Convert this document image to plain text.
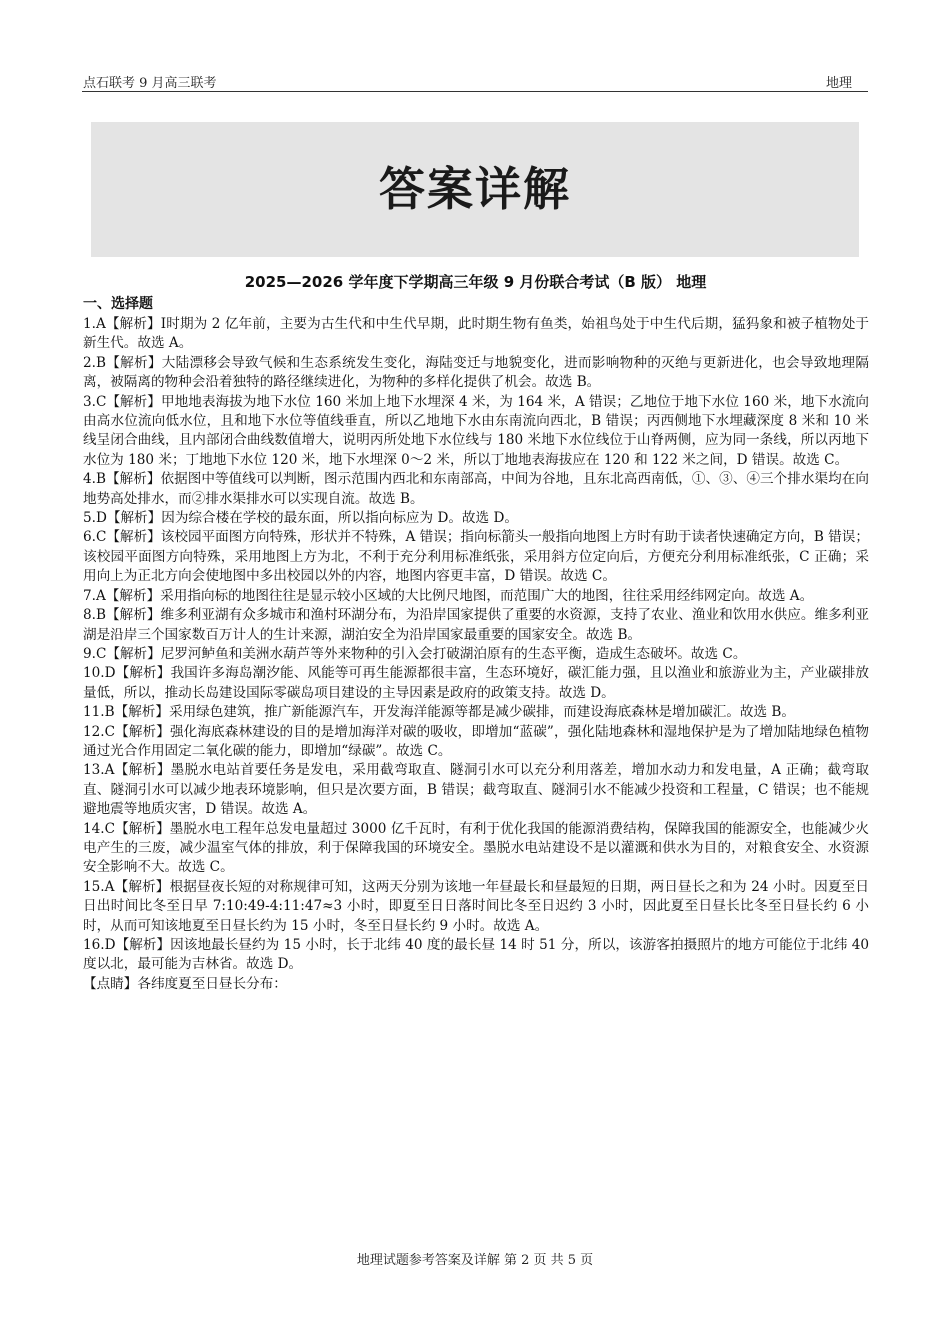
点石联考 9 月高三联考	地理
答案详解
2025—2026 学年度下学期高三年级 9 月份联合考试（B 版） 地理
一、选择题

1.A【解析】Ⅰ时期为 2 亿年前，主要为古生代和中生代早期，此时期生物有鱼类，始祖鸟处于中生代后期，猛犸象和被子植物处于新生代。故选 A。

2.B【解析】大陆漂移会导致气候和生态系统发生变化，海陆变迁与地貌变化，进而影响物种的灭绝与更新进化，也会导致地理隔离，被隔离的物种会沿着独特的路径继续进化，为物种的多样化提供了机会。故选 B。

3.C【解析】甲地地表海拔为地下水位 160 米加上地下水埋深 4 米，为 164 米，A 错误；乙地位于地下水位 160 米，地下水流向由高水位流向低水位，且和地下水位等值线垂直，所以乙地地下水由东南流向西北，B 错误；丙西侧地下水埋藏深度 8 米和 10 米线呈闭合曲线，且内部闭合曲线数值增大，说明丙所处地下水位线与 180 米地下水位线位于山脊两侧，应为同一条线，所以丙地下水位为 180 米；丁地地下水位 120 米，地下水埋深 0～2 米，所以丁地地表海拔应在 120 和 122 米之间，D 错误。故选 C。

4.B【解析】依据图中等值线可以判断，图示范围内西北和东南部高，中间为谷地，且东北高西南低，①、③、④三个排水渠均在向地势高处排水，而②排水渠排水可以实现自流。故选 B。

5.D【解析】因为综合楼在学校的最东面，所以指向标应为 D。故选 D。

6.C【解析】该校园平面图方向特殊，形状并不特殊，A 错误；指向标箭头一般指向地图上方时有助于读者快速确定方向，B 错误；该校园平面图方向特殊，采用地图上方为北，不利于充分利用标准纸张，采用斜方位定向后，方便充分利用标准纸张，C 正确；采用向上为正北方向会使地图中多出校园以外的内容，地图内容更丰富，D 错误。故选 C。

7.A【解析】采用指向标的地图往往是显示较小区域的大比例尺地图，而范围广大的地图，往往采用经纬网定向。故选 A。

8.B【解析】维多利亚湖有众多城市和渔村环湖分布，为沿岸国家提供了重要的水资源，支持了农业、渔业和饮用水供应。维多利亚湖是沿岸三个国家数百万计人的生计来源，湖泊安全为沿岸国家最重要的国家安全。故选 B。

9.C【解析】尼罗河鲈鱼和美洲水葫芦等外来物种的引入会打破湖泊原有的生态平衡，造成生态破坏。故选 C。

10.D【解析】我国许多海岛潮汐能、风能等可再生能源都很丰富，生态环境好，碳汇能力强，且以渔业和旅游业为主，产业碳排放量低，所以，推动长岛建设国际零碳岛项目建设的主导因素是政府的政策支持。故选 D。

11.B【解析】采用绿色建筑，推广新能源汽车，开发海洋能源等都是减少碳排，而建设海底森林是增加碳汇。故选 B。

12.C【解析】强化海底森林建设的目的是增加海洋对碳的吸收，即增加“蓝碳”，强化陆地森林和湿地保护是为了增加陆地绿色植物通过光合作用固定二氧化碳的能力，即增加“绿碳”。故选 C。

13.A【解析】墨脱水电站首要任务是发电，采用截弯取直、隧洞引水可以充分利用落差，增加水动力和发电量，A 正确；截弯取直、隧洞引水可以减少地表环境影响，但只是次要方面，B 错误；截弯取直、隧洞引水不能减少投资和工程量，C 错误；也不能规避地震等地质灾害，D 错误。故选 A。

14.C【解析】墨脱水电工程年总发电量超过 3000 亿千瓦时，有利于优化我国的能源消费结构，保障我国的能源安全，也能减少火电产生的三废，减少温室气体的排放，利于保障我国的环境安全。墨脱水电站建设不是以灌溉和供水为目的，对粮食安全、水资源安全影响不大。故选 C。

15.A【解析】根据昼夜长短的对称规律可知，这两天分别为该地一年昼最长和昼最短的日期，两日昼长之和为 24 小时。因夏至日日出时间比冬至日早 7:10:49-4:11:47≈3 小时，即夏至日日落时间比冬至日迟约 3 小时，因此夏至日昼长比冬至日昼长约 6 小时，从而可知该地夏至日昼长约为 15 小时，冬至日昼长约 9 小时。故选 A。

16.D【解析】因该地最长昼约为 15 小时，长于北纬 40 度的最长昼 14 时 51 分，所以，该游客拍摄照片的地方可能位于北纬 40 度以北，最可能为吉林省。故选 D。

【点睛】各纬度夏至日昼长分布：

地理试题参考答案及详解 第 2 页 共 5 页
